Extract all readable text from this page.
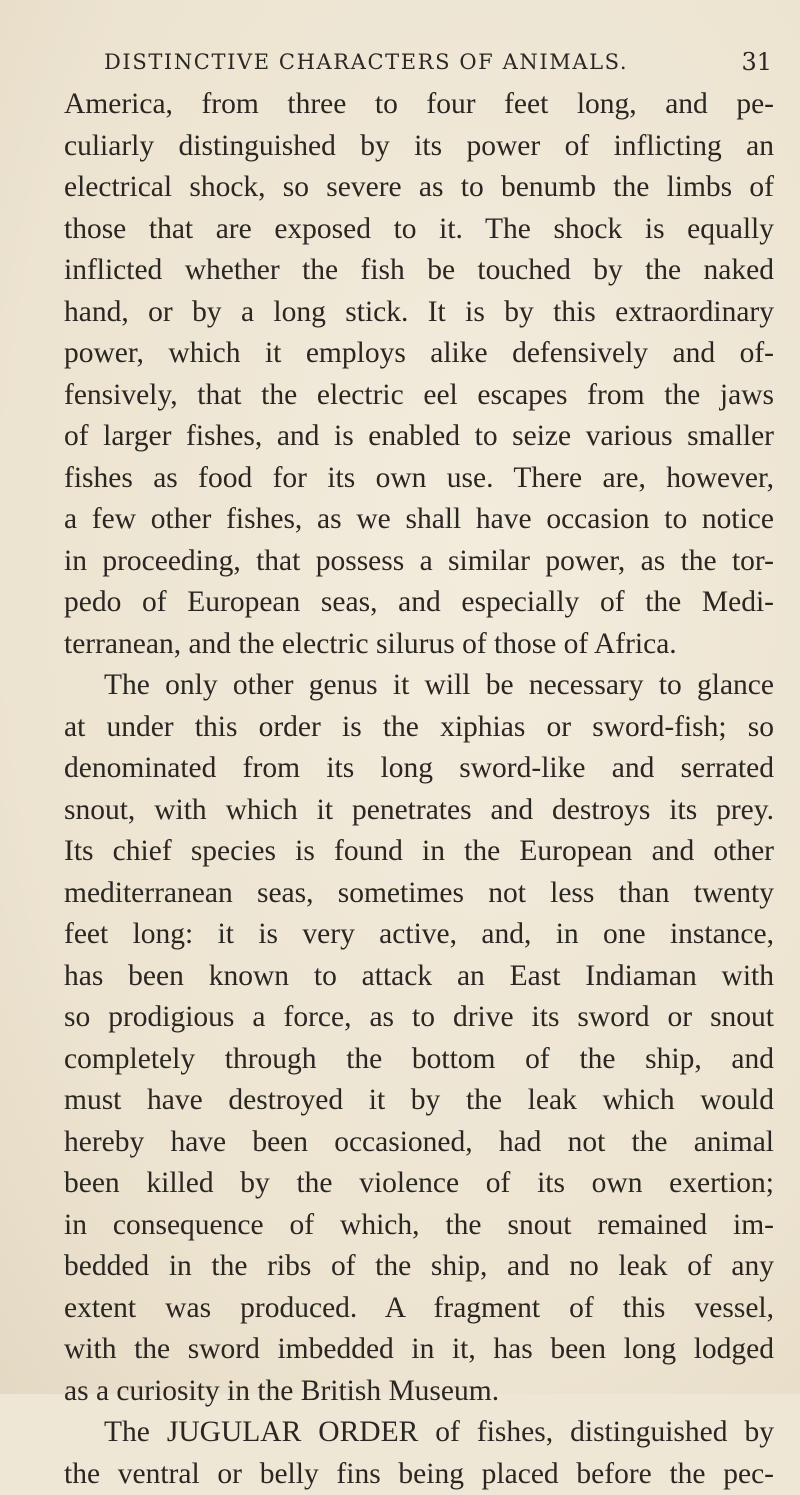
DISTINCTIVE CHARACTERS OF ANIMALS.	31
America, from three to four feet long, and pe-
culiarly distinguished by its power of inflicting an
electrical shock, so severe as to benumb the limbs of
those that are exposed to it. The shock is equally
inflicted whether the fish be touched by the naked
hand, or by a long stick. It is by this extraordinary
power, which it employs alike defensively and of-
fensively, that the electric eel escapes from the jaws
of larger fishes, and is enabled to seize various smaller
fishes as food for its own use. There are, however,
a few other fishes, as we shall have occasion to notice
in proceeding, that possess a similar power, as the tor-
pedo of European seas, and especially of the Medi-
terranean, and the electric silurus of those of Africa.
The only other genus it will be necessary to glance
at under this order is the xiphias or sword-fish; so
denominated from its long sword-like and serrated
snout, with which it penetrates and destroys its prey.
Its chief species is found in the European and other
mediterranean seas, sometimes not less than twenty
feet long: it is very active, and, in one instance,
has been known to attack an East Indiaman with
so prodigious a force, as to drive its sword or snout
completely through the bottom of the ship, and
must have destroyed it by the leak which would
hereby have been occasioned, had not the animal
been killed by the violence of its own exertion;
in consequence of which, the snout remained im-
bedded in the ribs of the ship, and no leak of any
extent was produced. A fragment of this vessel,
with the sword imbedded in it, has been long lodged
as a curiosity in the British Museum.
The JUGULAR ORDER of fishes, distinguished by
the ventral or belly fins being placed before the pec-
